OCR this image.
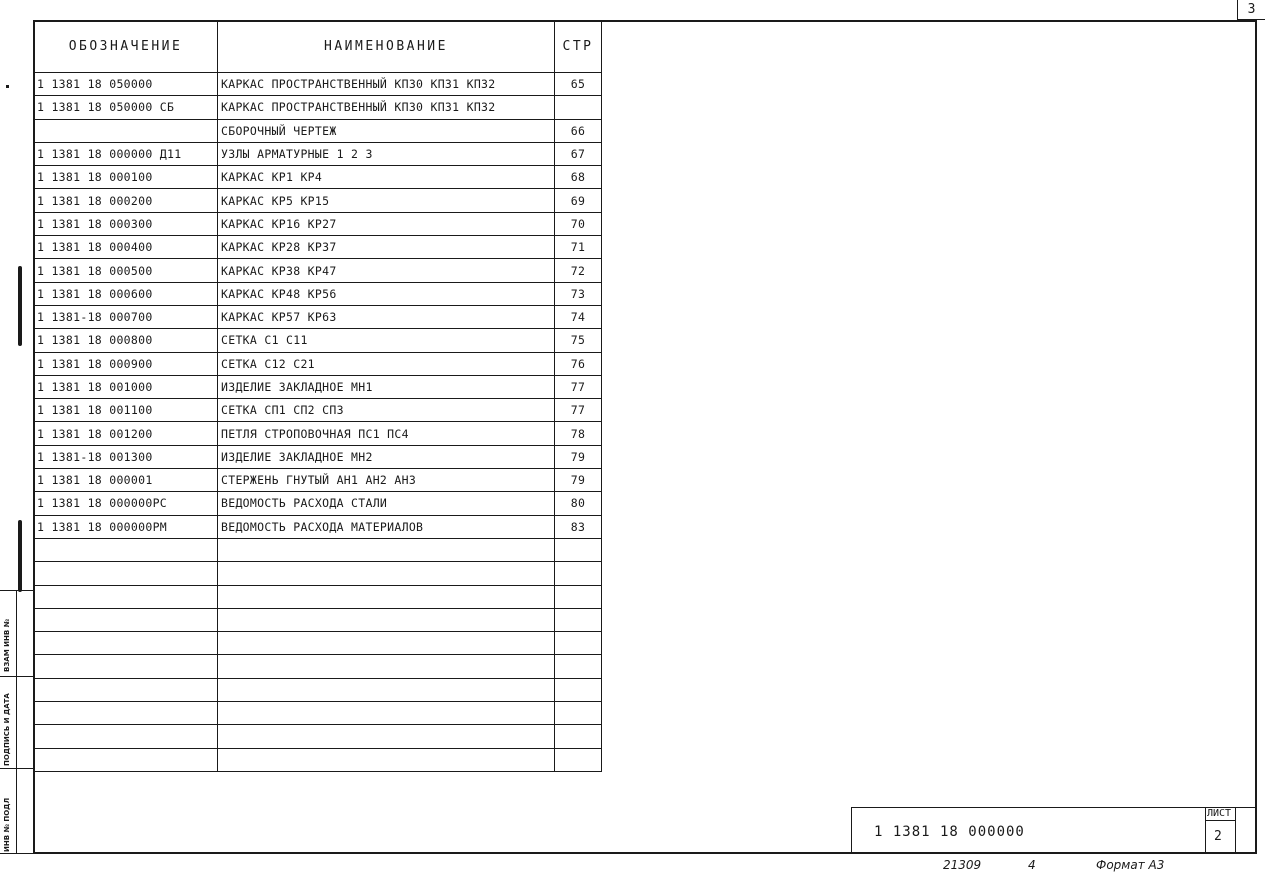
3
ОБОЗНАЧЕНИЕ	НАИМЕНОВАНИЕ	СТР
1 1381 18 050000	КАРКАС ПРОСТРАНСТВЕННЫЙ КП30 КП31 КП32	65
1 1381 18 050000 СБ	КАРКАС ПРОСТРАНСТВЕННЫЙ КП30 КП31 КП32	
	СБОРОЧНЫЙ ЧЕРТЕЖ	66
1 1381 18 000000 Д11	УЗЛЫ АРМАТУРНЫЕ 1 2 3	67
1 1381 18 000100	КАРКАС КР1 КР4	68
1 1381 18 000200	КАРКАС КР5 КР15	69
1 1381 18 000300	КАРКАС КР16 КР27	70
1 1381 18 000400	КАРКАС КР28 КР37	71
1 1381 18 000500	КАРКАС КР38 КР47	72
1 1381 18 000600	КАРКАС КР48 КР56	73
1 1381-18 000700	КАРКАС КР57 КР63	74
1 1381 18 000800	СЕТКА С1 С11	75
1 1381 18 000900	СЕТКА С12 С21	76
1 1381 18 001000	ИЗДЕЛИЕ ЗАКЛАДНОЕ МН1	77
1 1381 18 001100	СЕТКА СП1 СП2 СП3	77
1 1381 18 001200	ПЕТЛЯ СТРОПОВОЧНАЯ ПС1 ПС4	78
1 1381-18 001300	ИЗДЕЛИЕ ЗАКЛАДНОЕ МН2	79
1 1381 18 000001	СТЕРЖЕНЬ ГНУТЫЙ АН1 АН2 АН3	79
1 1381 18 000000РС	ВЕДОМОСТЬ РАСХОДА СТАЛИ	80
1 1381 18 000000РМ	ВЕДОМОСТЬ РАСХОДА МАТЕРИАЛОВ	83

ВЗАМ ИНВ №
ПОДПИСЬ И ДАТА
ИНВ № ПОДЛ	1 1381 18 000000
ЛИСТ
2
21309	4	Формат А3
